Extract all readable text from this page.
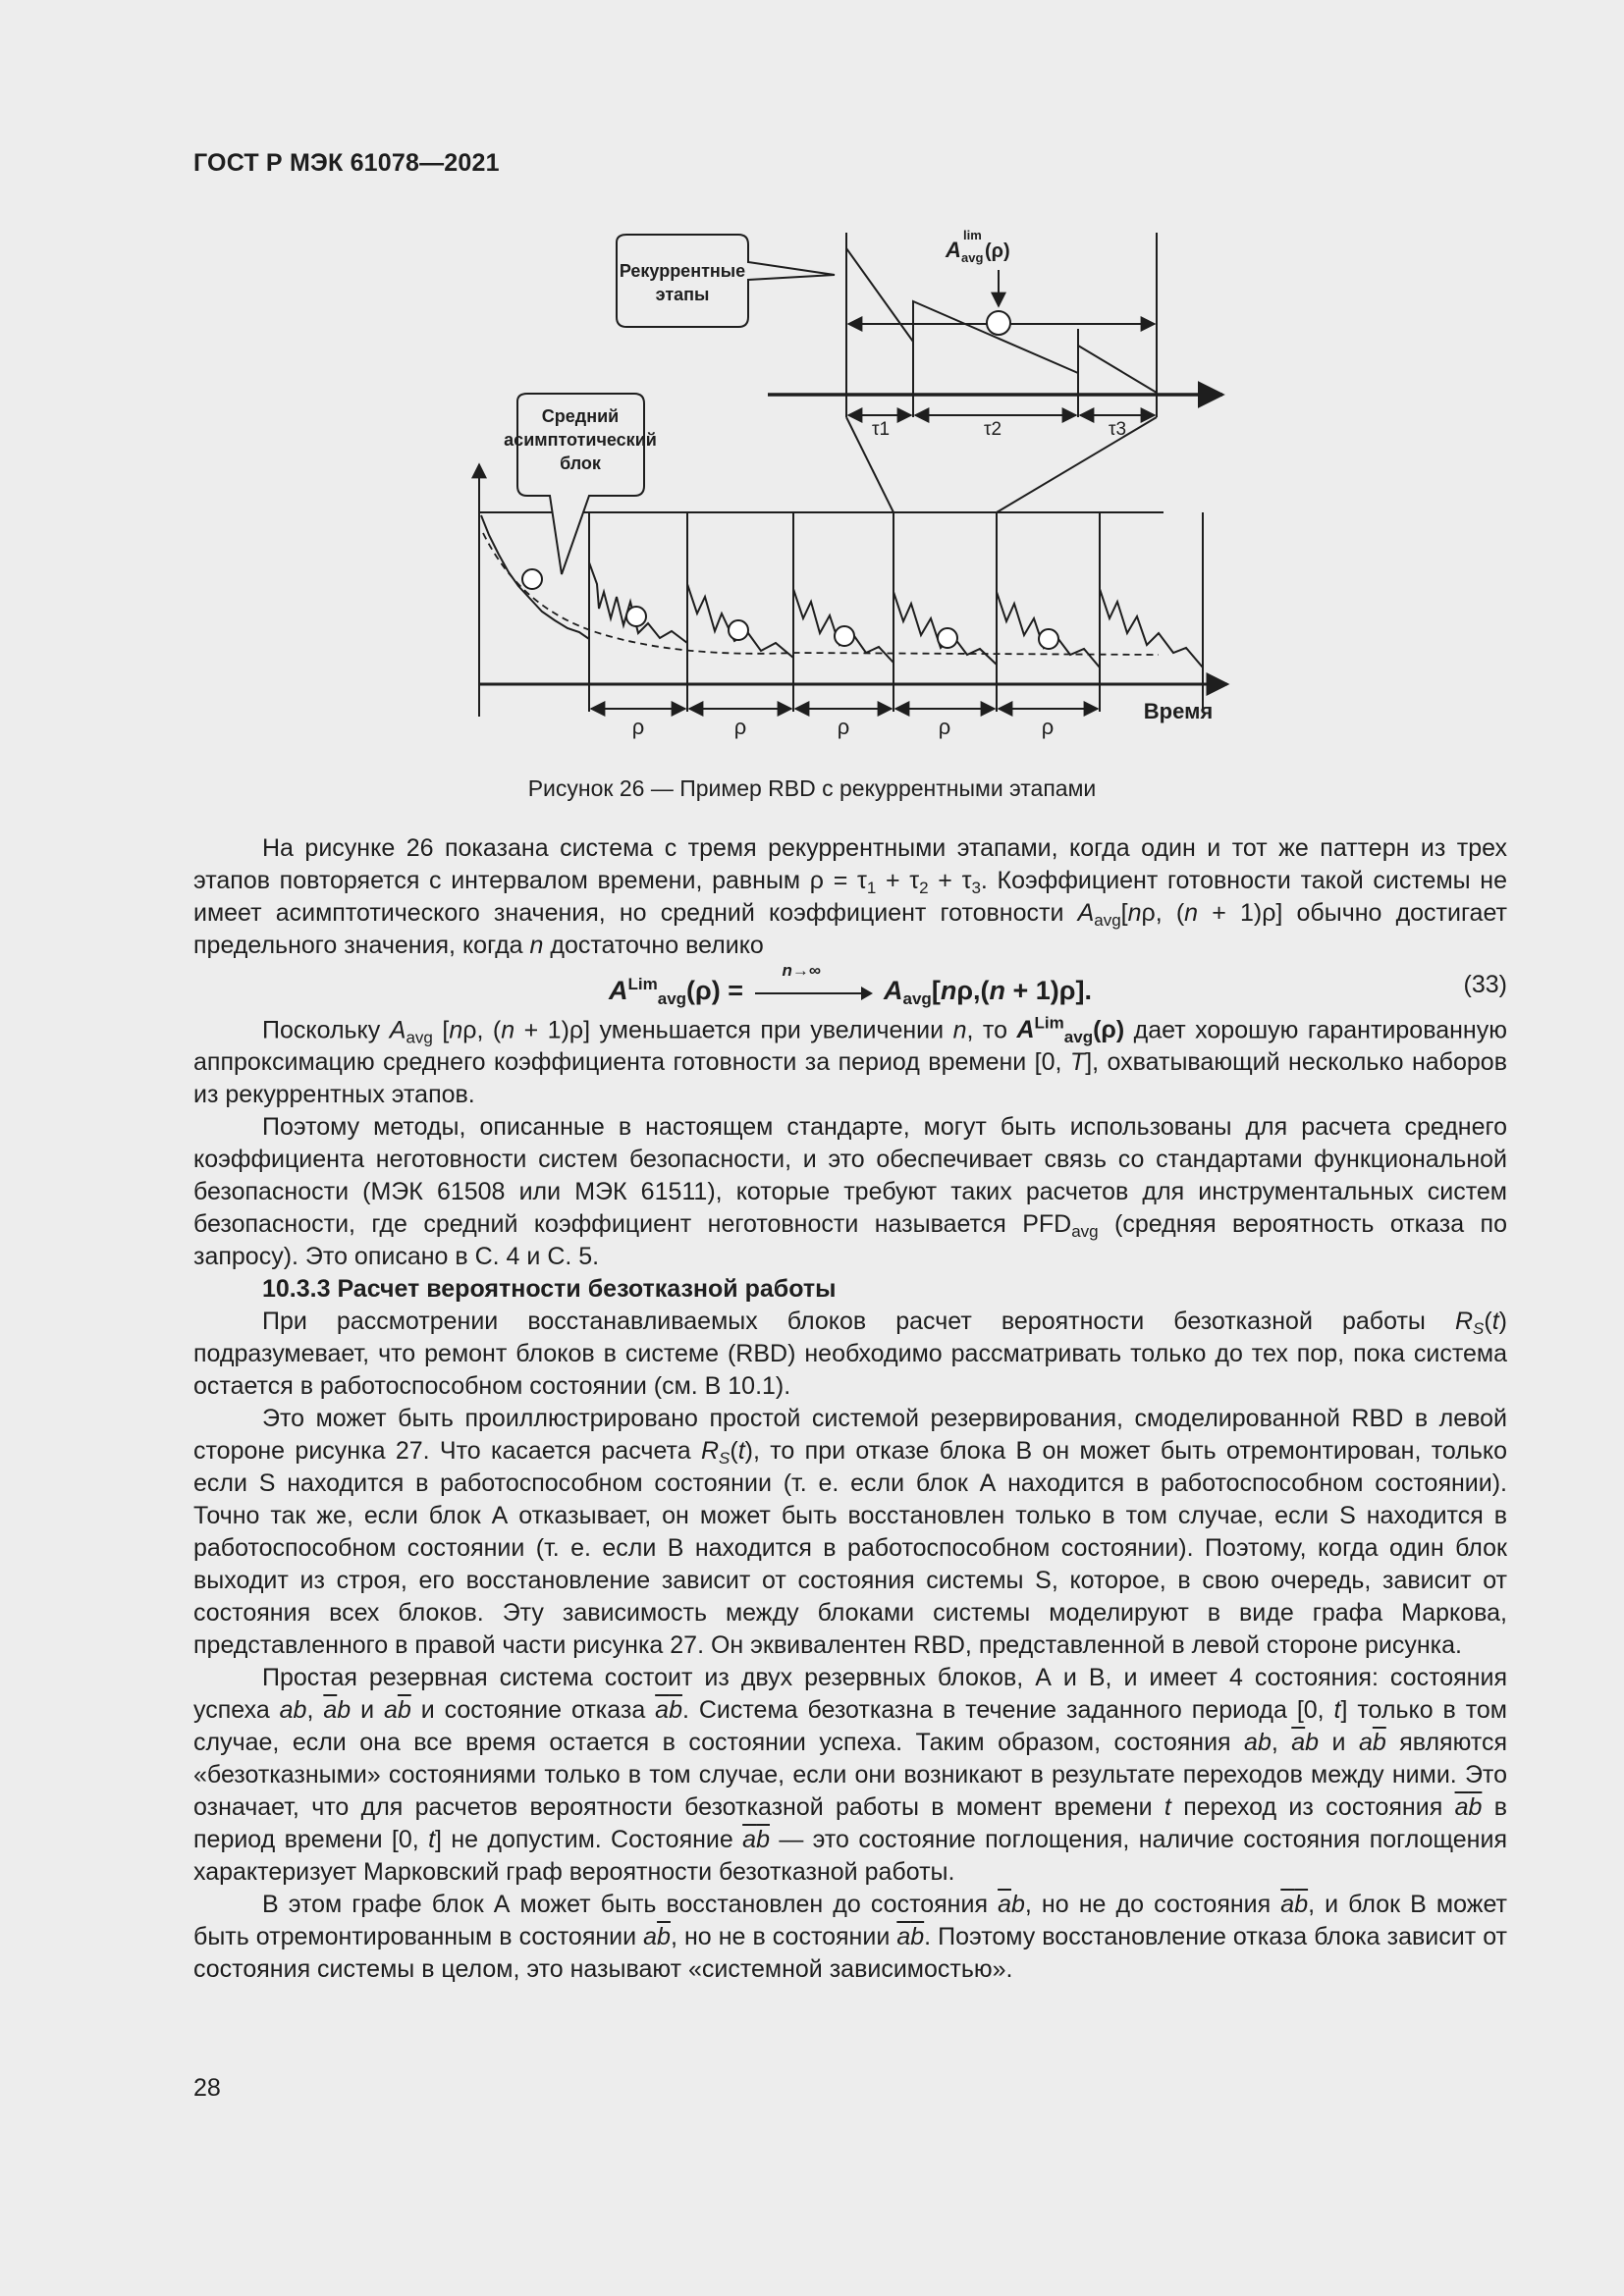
ГОСТ Р МЭК 61078—2021
ρ	ρ	ρ	ρ	ρ
Время
A
lim
avg (ρ)
τ1	τ2	τ3
Рекуррентные
этапы
Средний
асимптотический
блок
Рисунок 26 — Пример RBD с рекуррентными этапами

На рисунке 26 показана система с тремя рекуррентными этапами, когда один и тот же паттерн из трех этапов повторяется с интервалом времени, равным $\rho = \tau_1 + \tau_2 + \tau_3$. Коэффициент готовности такой системы не имеет асимптотического значения, но средний коэффициент готовности $A_{avg}[n\rho$, (n + 1)ρ] обычно достигает предельного значения, когда n достаточно велико

$A^{Lim}_{avg}(\rho)$ =
n→∞
$A_{avg}[n\rho,(n + 1)\rho]$.	(33)

Поскольку $A_{avg}$ [nρ, (n + 1)ρ] уменьшается при увеличении n, то $A^{Lim}_{avg}(\rho)$ дает хорошую гарантированную аппроксимацию среднего коэффициента готовности за период времени [0, T], охватывающий несколько наборов из рекуррентных этапов.

Поэтому методы, описанные в настоящем стандарте, могут быть использованы для расчета среднего коэффициента неготовности систем безопасности, и это обеспечивает связь со стандартами функциональной безопасности (МЭК 61508 или МЭК 61511), которые требуют таких расчетов для инструментальных систем безопасности, где средний коэффициент неготовности называется $PFD_{avg}$ (средняя вероятность отказа по запросу). Это описано в С. 4 и С. 5.

10.3.3 Расчет вероятности безотказной работы

При рассмотрении восстанавливаемых блоков расчет вероятности безотказной работы $R_S(t)$ подразумевает, что ремонт блоков в системе (RBD) необходимо рассматривать только до тех пор, пока система остается в работоспособном состоянии (см. В 10.1).

Это может быть проиллюстрировано простой системой резервирования, смоделированной RBD в левой стороне рисунка 27. Что касается расчета $R_S(t)$, то при отказе блока В он может быть отремонтирован, только если S находится в работоспособном состоянии (т. е. если блок А находится в работоспособном состоянии). Точно так же, если блок А отказывает, он может быть восстановлен только в том случае, если S находится в работоспособном состоянии (т. е. если В находится в работоспособном состоянии). Поэтому, когда один блок выходит из строя, его восстановление зависит от состояния системы S, которое, в свою очередь, зависит от состояния всех блоков. Эту зависимость между блоками системы моделируют в виде графа Маркова, представленного в правой части рисунка 27. Он эквивалентен RBD, представленной в левой стороне рисунка.

Простая резервная система состоит из двух резервных блоков, А и В, и имеет 4 состояния: состояния успеха ab, $\overline{a}b$ и $a\overline{b}$ и состояние отказа $\overline{a}\overline{b}$. Система безотказна в течение заданного периода [0, t] только в том случае, если она все время остается в состоянии успеха. Таким образом, состояния ab, $\overline{a}b$ и $a\overline{b}$ являются «безотказными» состояниями только в том случае, если они возникают в результате переходов между ними. Это означает, что для расчетов вероятности безотказной работы в момент времени t переход из состояния $\overline{a}\overline{b}$ в период времени [0, t] не допустим. Состояние $\overline{a}\overline{b}$ — это состояние поглощения, наличие состояния поглощения характеризует Марковский граф вероятности безотказной работы.

В этом графе блок А может быть восстановлен до состояния $\overline{a}b$, но не до состояния $\overline{a}\overline{b}$, и блок В может быть отремонтированным в состоянии $a\overline{b}$, но не в состоянии $\overline{a}\overline{b}$. Поэтому восстановление отказа блока зависит от состояния системы в целом, это называют «системной зависимостью».

28
